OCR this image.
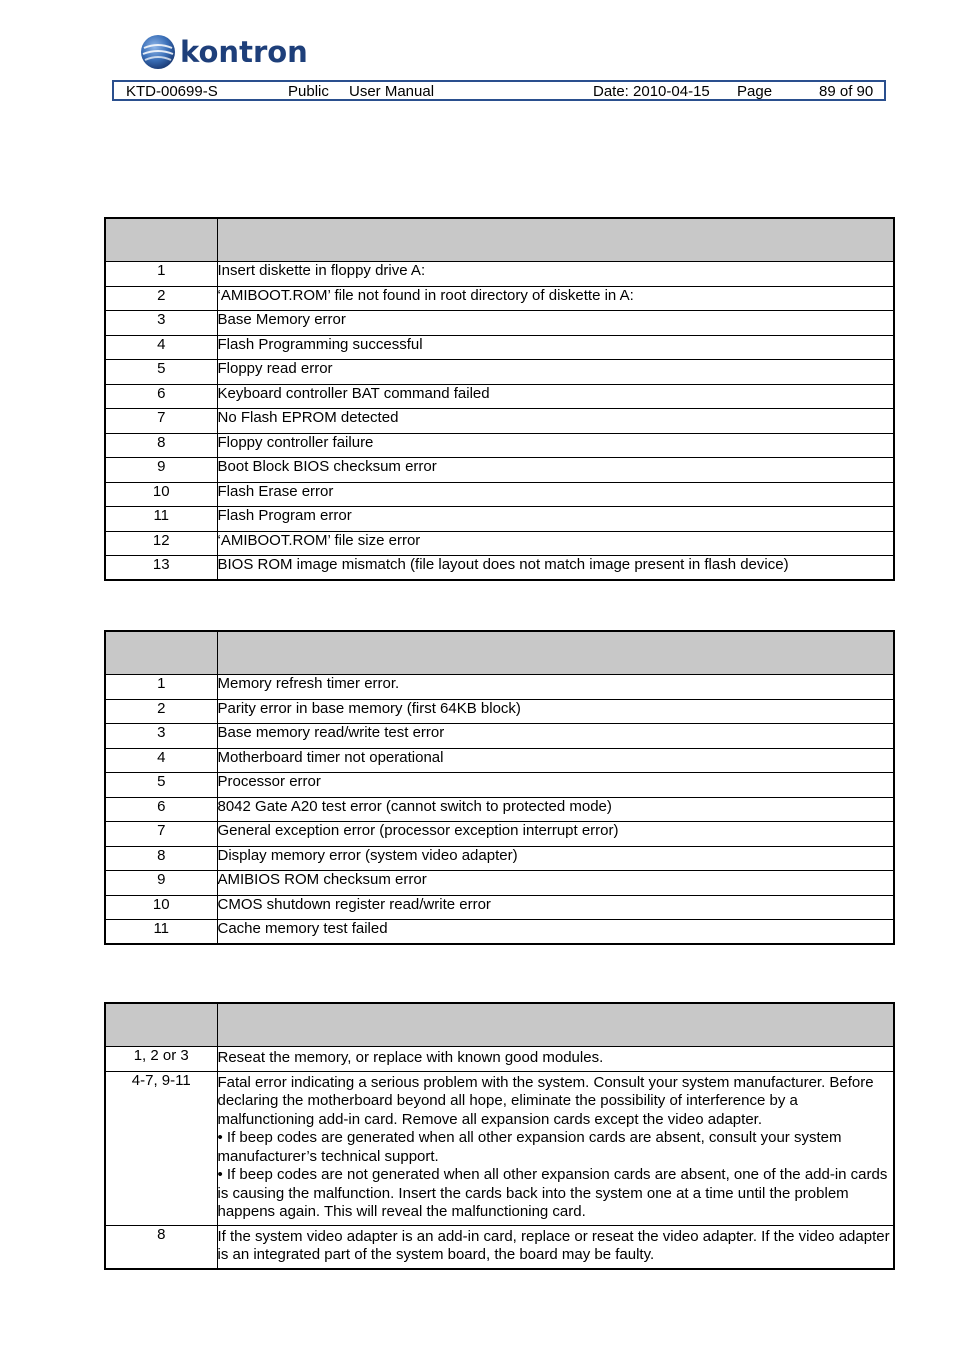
kontron
KTD-00699-S	Public User Manual	Date: 2010-04-15 Page	89 of 90

1	Insert diskette in floppy drive A:
2	‘AMIBOOT.ROM’ file not found in root directory of diskette in A:
3	Base Memory error
4	Flash Programming successful
5	Floppy read error
6	Keyboard controller BAT command failed
7	No Flash EPROM detected
8	Floppy controller failure
9	Boot Block BIOS checksum error
10	Flash Erase error
11	Flash Program error
12	‘AMIBOOT.ROM’ file size error
13	BIOS ROM image mismatch (file layout does not match image present in flash device)

1	Memory refresh timer error.
2	Parity error in base memory (first 64KB block)
3	Base memory read/write test error
4	Motherboard timer not operational
5	Processor error
6	8042 Gate A20 test error (cannot switch to protected mode)
7	General exception error (processor exception interrupt error)
8	Display memory error (system video adapter)
9	AMIBIOS ROM checksum error
10	CMOS shutdown register read/write error
11	Cache memory test failed

1, 2 or 3	Reseat the memory, or replace with known good modules.

4-7, 9-11	Fatal error indicating a serious problem with the system. Consult your system manufacturer. Before declaring the motherboard beyond all hope, eliminate the possibility of interference by a malfunctioning add-in card. Remove all expansion cards except the video adapter.
• If beep codes are generated when all other expansion cards are absent, consult your system manufacturer’s technical support.
• If beep codes are not generated when all other expansion cards are absent, one of the add-in cards is causing the malfunction. Insert the cards back into the system one at a time until the problem happens again. This will reveal the malfunctioning card.

8	If the system video adapter is an add-in card, replace or reseat the video adapter. If the video adapter is an integrated part of the system board, the board may be faulty.
